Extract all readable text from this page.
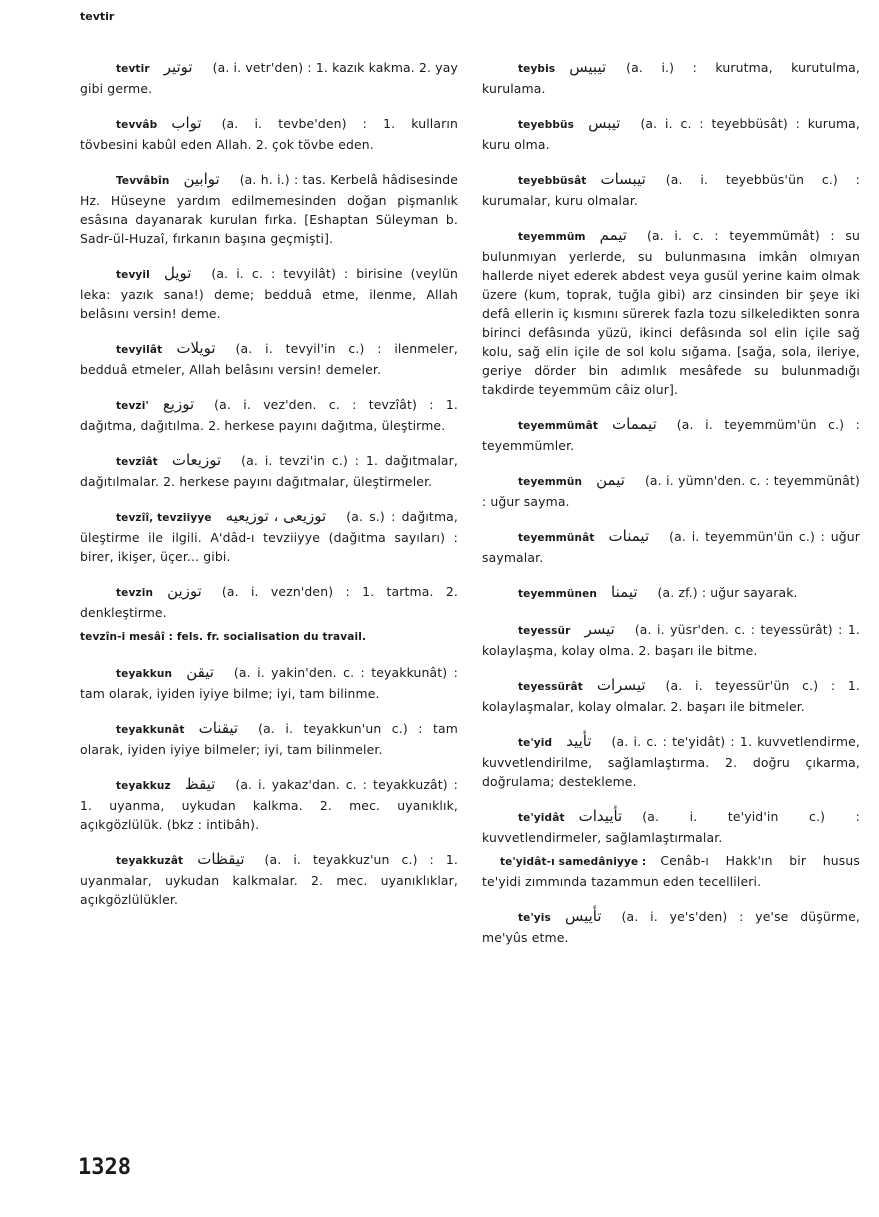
tevtir
tevtir توتير (a. i. vetr'den) : 1. kazık kakma. 2. yay gibi germe.
tevvâb تواب (a. i. tevbe'den) : 1. kulların tövbesini kabûl eden Allah. 2. çok tövbe eden.
Tevvâbîn توابين (a. h. i.) : tas. Kerbelâ hâdisesinde Hz. Hüseyne yardım edilmemesinden doğan pişmanlık esâsına dayanarak kurulan fırka. [Eshaptan Süleyman b. Sadr-ül-Huzaî, fırkanın başına geçmişti].
tevyil تويل (a. i. c. : tevyilât) : birisine (veylün leka: yazık sana!) deme; bedduâ etme, ilenme, Allah belâsını versin! deme.
tevyilât تويلات (a. i. tevyil'in c.) : ilenmeler, bedduâ etmeler, Allah belâsını versin! demeler.
tevzi' توزيع (a. i. vez'den. c. : tevzîât) : 1. dağıtma, dağıtılma. 2. herkese payını dağıtma, üleştirme.
tevzîât توزيعات (a. i. tevzi'in c.) : 1. dağıtmalar, dağıtılmalar. 2. herkese payını dağıtmalar, üleştirmeler.
tevzîî, tevziiyye توزيعى ، توزيعيه (a. s.) : dağıtma, üleştirme ile ilgili. A'dâd-ı tevziiyye (dağıtma sayıları) : birer, ikişer, üçer... gibi.
tevzin توزين (a. i. vezn'den) : 1. tartma. 2. denkleştirme.
tevzîn-i mesâî : fels. fr. socialisation du travail.
teyakkun تيقن (a. i. yakin'den. c. : teyakkunât) : tam olarak, iyiden iyiye bilme; iyi, tam bilinme.
teyakkunât تيقنات (a. i. teyakkun'un c.) : tam olarak, iyiden iyiye bilmeler; iyi, tam bilinmeler.
teyakkuz تيقظ (a. i. yakaz'dan. c. : teyakkuzât) : 1. uyanma, uykudan kalkma. 2. mec. uyanıklık, açıkgözlülük. (bkz : intibâh).
teyakkuzât تيقظات (a. i. teyakkuz'un c.) : 1. uyanmalar, uykudan kalkmalar. 2. mec. uyanıklıklar, açıkgözlülükler.
teybis تيبيس (a. i.) : kurutma, kurutulma, kurulama.
teyebbüs تيبس (a. i. c. : teyebbüsât) : kuruma, kuru olma.
teyebbüsât تيبسات (a. i. teyebbüs'ün c.) : kurumalar, kuru olmalar.
teyemmüm تيمم (a. i. c. : teyemmümât) : su bulunmıyan yerlerde, su bulunmasına imkân olmıyan hallerde niyet ederek abdest veya gusül yerine kaim olmak üzere (kum, toprak, tuğla gibi) arz cinsinden bir şeye iki defâ ellerin iç kısmını sürerek fazla tozu silkeledikten sonra birinci defâsında yüzü, ikinci defâsında sol elin içile sağ kolu, sağ elin içile de sol kolu sığama. [sağa, sola, ileriye, geriye dörder bin adımlık mesâfede su bulunmadığı takdirde teyemmüm câiz olur].
teyemmümât تيممات (a. i. teyemmüm'ün c.) : teyemmümler.
teyemmün تيمن (a. i. yümn'den. c. : teyemmünât) : uğur sayma.
teyemmünât تيمنات (a. i. teyemmün'ün c.) : uğur saymalar.
teyemmünen تيمنا (a. zf.) : uğur sayarak.
teyessür تيسر (a. i. yüsr'den. c. : teyessürât) : 1. kolaylaşma, kolay olma. 2. başarı ile bitme.
teyessürât تيسرات (a. i. teyessür'ün c.) : 1. kolaylaşmalar, kolay olmalar. 2. başarı ile bitmeler.
te'yid تأييد (a. i. c. : te'yidât) : 1. kuvvetlendirme, kuvvetlendirilme, sağlamlaştırma. 2. doğru çıkarma, doğrulama; destekleme.
te'yidât تأييدات (a. i. te'yid'in c.) : kuvvetlendirmeler, sağlamlaştırmalar.
te'yidât-ı samedâniyye : Cenâb-ı Hakk'ın bir husus te'yidi zımmında tazammun eden tecellileri.
te'yis تأييس (a. i. ye's'den) : ye'se düşürme, me'yûs etme.
1328
